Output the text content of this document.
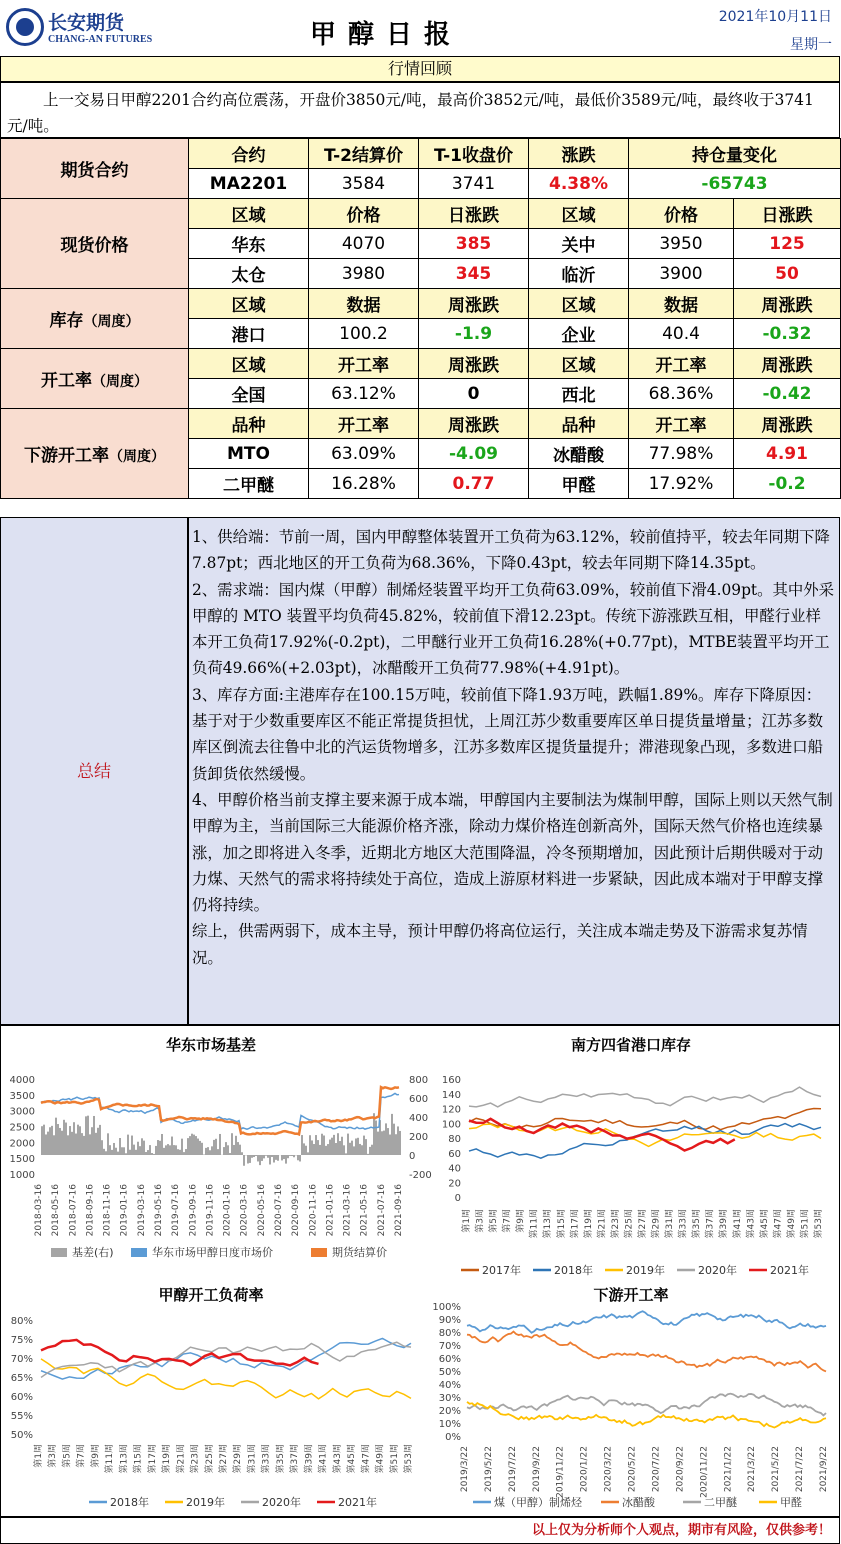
长安期货
CHANG-AN FUTURES	甲醇日报
2021年10月11日
星期一
行情回顾
上一交易日甲醇2201合约高位震荡，开盘价3850元/吨，最高价3852元/吨，最低价3589元/吨，最终收于3741元/吨。
期货合约	合约	T-2结算价	T-1收盘价	涨跌	持仓量变化	
	MA2201	3584	3741	4.38%	-65743	
现货价格	区域	价格	日涨跌	区域	价格	日涨跌
	华东	4070	385	关中	3950	125
	太仓	3980	345	临沂	3900	50
库存（周度）	区域	数据	周涨跌	区域	数据	周涨跌
	港口	100.2	-1.9	企业	40.4	-0.32
开工率（周度）	区域	开工率	周涨跌	区域	开工率	周涨跌
	全国	63.12%	0	西北	68.36%	-0.42
下游开工率（周度）	品种	开工率	周涨跌	品种	开工率	周涨跌
	MTO	63.09%	-4.09	冰醋酸	77.98%	4.91
	二甲醚	16.28%	0.77	甲醛	17.92%	-0.2
总结
1、供给端：节前一周，国内甲醇整体装置开工负荷为63.12%，较前值持平，较去年同期下降7.87pt；西北地区的开工负荷为68.36%，下降0.43pt，较去年同期下降14.35pt。
2、需求端：国内煤（甲醇）制烯烃装置平均开工负荷63.09%，较前值下滑4.09pt。其中外采甲醇的 MTO 装置平均负荷45.82%，较前值下滑12.23pt。传统下游涨跌互相，甲醛行业样本开工负荷17.92%(-0.2pt)，二甲醚行业开工负荷16.28%(+0.77pt)，MTBE装置平均开工负荷49.66%(+2.03pt)，冰醋酸开工负荷77.98%(+4.91pt)。
3、库存方面:主港库存在100.15万吨，较前值下降1.93万吨，跌幅1.89%。库存下降原因：基于对于少数重要库区不能正常提货担忧，上周江苏少数重要库区单日提货量增量；江苏多数库区倒流去往鲁中北的汽运货物增多，江苏多数库区提货量提升；滞港现象凸现，多数进口船货卸货依然缓慢。
4、甲醇价格当前支撑主要来源于成本端，甲醇国内主要制法为煤制甲醇，国际上则以天然气制甲醇为主，当前国际三大能源价格齐涨，除动力煤价格连创新高外，国际天然气价格也连续暴涨，加之即将进入冬季，近期北方地区大范围降温，冷冬预期增加，因此预计后期供暖对于动力煤、天然气的需求将持续处于高位，造成上游原材料进一步紧缺，因此成本端对于甲醇支撑仍将持续。
综上，供需两弱下，成本主导，预计甲醇仍将高位运行，关注成本端走势及下游需求复苏情况。
华东市场基差
4000
3500
3000
2500
2000
1500
1000
800
600
400
200
0
-200
2018-03-16 2018-05-16 2018-07-16 2018-09-16 2018-11-16 2019-01-16 2019-03-16 2019-05-16 2019-07-16 2019-09-16 2019-11-16 2020-01-16 2020-03-16 2020-05-16 2020-07-16 2020-09-16 2020-11-16 2021-01-16 2021-03-16 2021-05-16 2021-07-16 2021-09-16
基差(右)	华东市场甲醇日度市场价	期货结算价
南方四省港口库存
160
140
120
100
80
60
40
20
0
第1周 第3周 第5周 第7周 第9周 第11周 第13周 第15周 第17周 第19周 第21周 第23周 第25周 第27周 第29周 第31周 第33周 第35周 第37周 第39周 第41周 第43周 第45周 第47周 第49周 第51周 第53周
2017年	2018年	2019年	2020年	2021年
甲醇开工负荷率
80%
75%
70%
65%
60%
55%
50%
第1周 第3周 第5周 第7周 第9周 第11周 第13周 第15周 第17周 第19周 第21周 第23周 第25周 第27周 第29周 第31周 第33周 第35周 第37周 第39周 第41周 第43周 第45周 第47周 第49周 第51周 第53周
2018年	2019年	2020年	2021年
下游开工率
100%
90%
80%
70%
60%
50%
40%
30%
20%
10%
0%
2019/3/22 2019/5/22 2019/7/22 2019/9/22 2019/11/22 2020/1/22 2020/3/22 2020/5/22 2020/7/22 2020/9/22 2020/11/22 2021/1/22 2021/3/22 2021/5/22 2021/7/22 2021/9/22
煤（甲醇）制烯烃	冰醋酸	二甲醚	甲醛
以上仅为分析师个人观点，期市有风险，仅供参考！
